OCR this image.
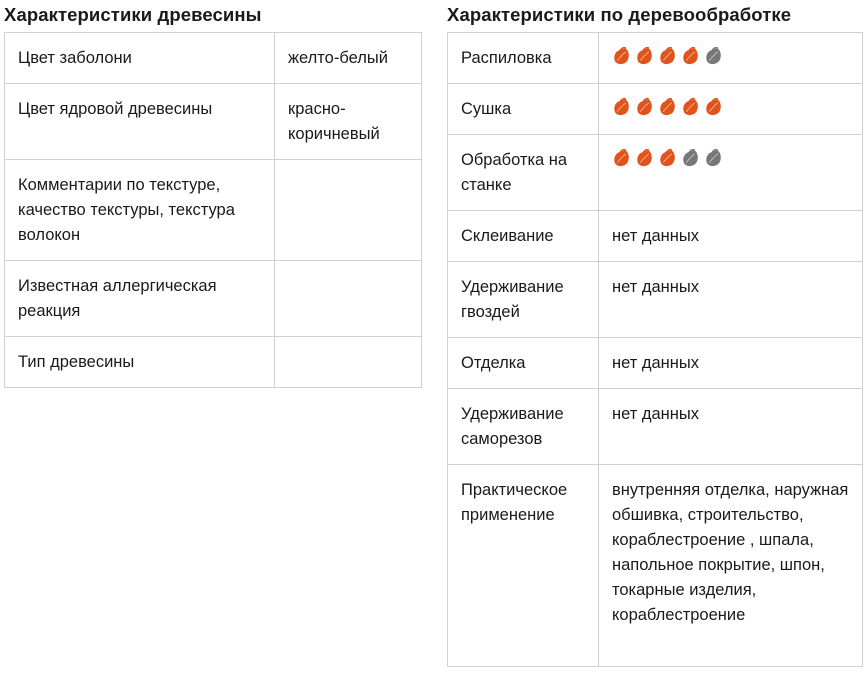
Характеристики древесины
Цвет заболони	желто-белый
Цвет ядровой древесины	красно-коричневый
Комментарии по текстуре, качество текстуры, текстура волокон	
Известная аллергическая реакция	
Тип древесины	
Характеристики по деревообработке
Распиловка	

Сушка	

Обработка на станке	

Склеивание	нет данных
Удерживание гвоздей	нет данных
Отделка	нет данных
Удерживание саморезов	нет данных
Практическое применение	внутренняя отделка, наружная обшивка, строительство, кораблестроение , шпала, напольное покрытие, шпон, токарные изделия, кораблестроение
